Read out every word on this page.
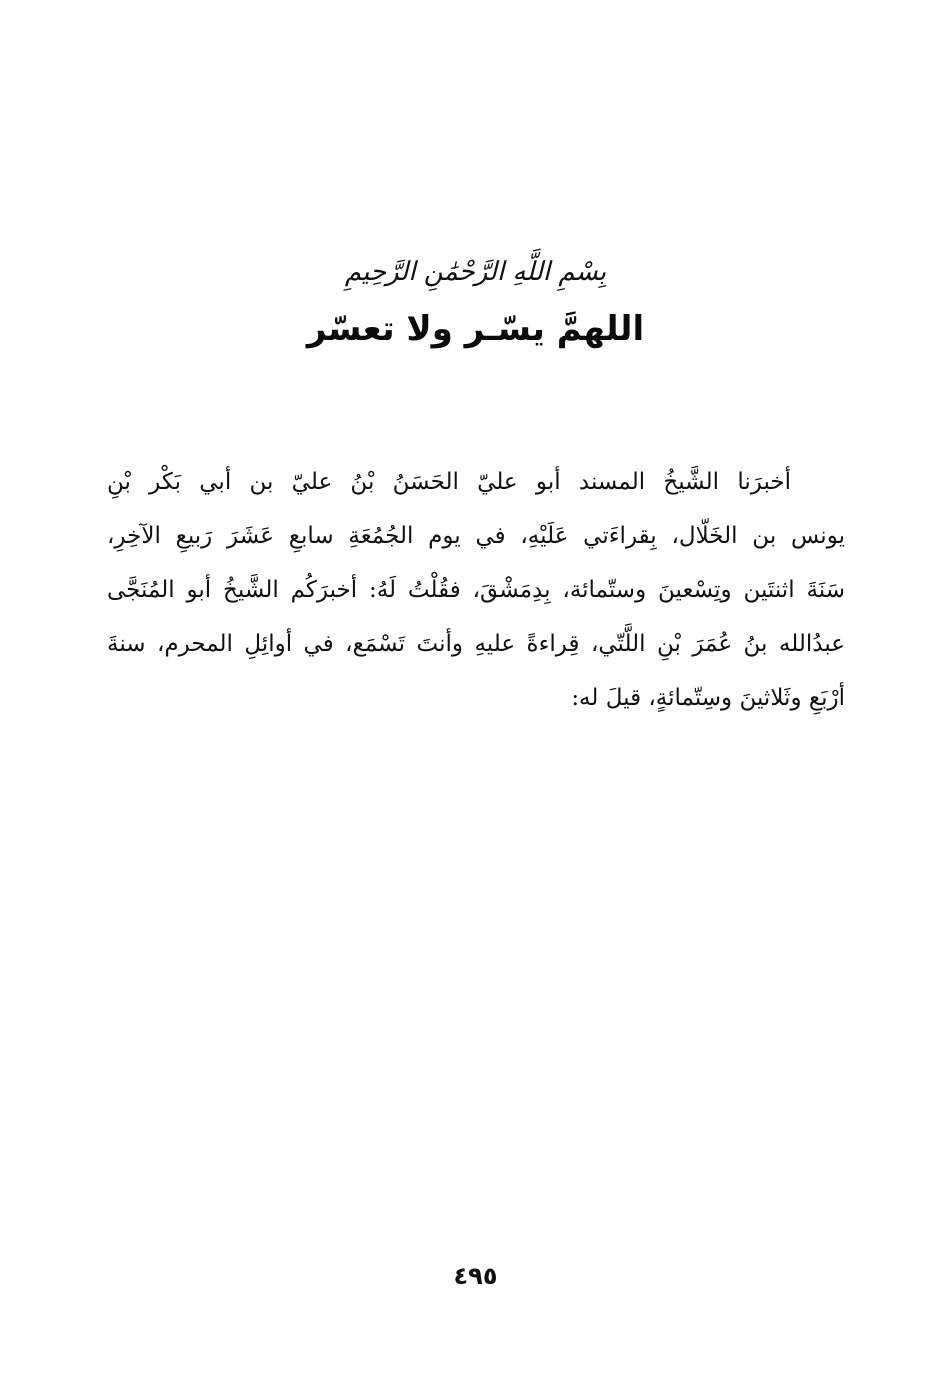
بِسْمِ اللَّهِ الرَّحْمَٰنِ الرَّحِيمِ

اللهمَّ يسّـر ولا تعسّر
أخبرَنا الشَّيخُ المسند أبو عليّ الحَسَنُ بْنُ عليّ بن أبي بَكْر بْنِ
يونس بن الخَلّال، بِقراءَتي عَلَيْهِ، في يوم الجُمُعَةِ سابعِ عَشَرَ رَبيعِ الآخِرِ،
سَنَةَ اثنتَين وتِسْعينَ وستّمائة، بِدِمَشْقَ، فقُلْتُ لَهُ: أخبرَكُم الشَّيخُ أبو المُنَجَّى
عبدُالله بنُ عُمَرَ بْنِ اللَّتّي، قِراءةً عليهِ وأنتَ تَسْمَع، في أوائِلِ المحرم، سنةَ
أرْبَعِ وثَلاثينَ وسِتّمائةٍ، قيلَ له:
٤٩٥
